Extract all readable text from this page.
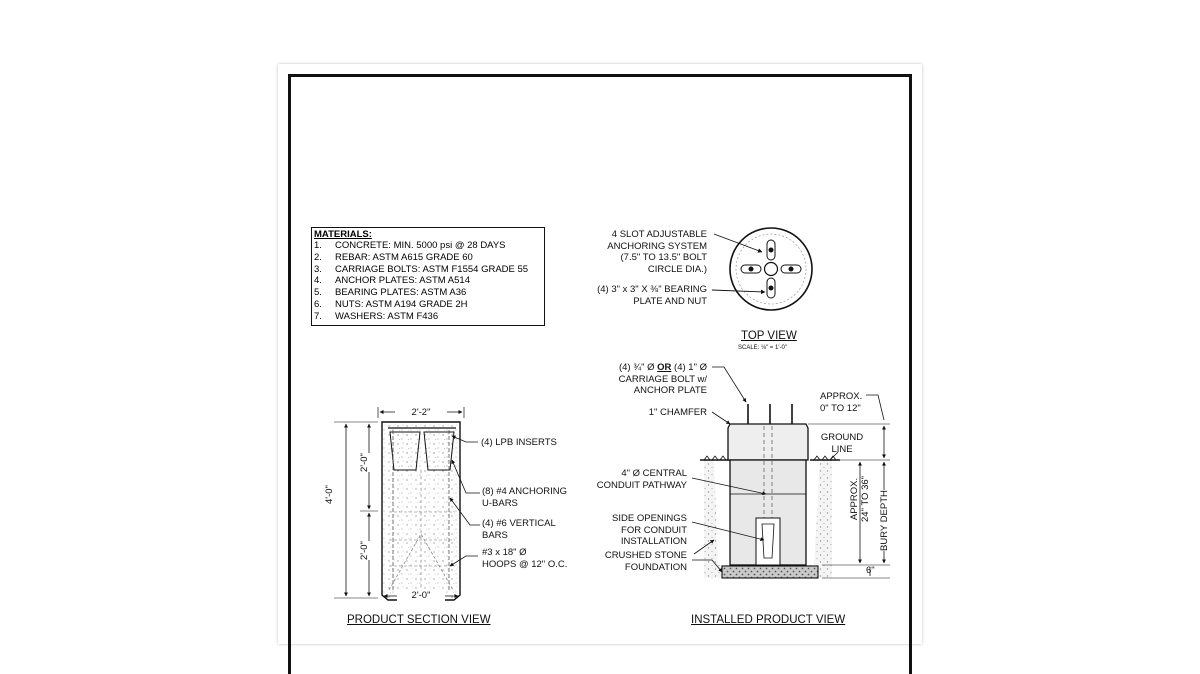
MATERIALS:
1.	CONCRETE: MIN. 5000 psi @ 28 DAYS
2.	REBAR: ASTM A615 GRADE 60
3.	CARRIAGE BOLTS: ASTM F1554 GRADE 55
4.	ANCHOR PLATES: ASTM A514
5.	BEARING PLATES: ASTM A36
6.	NUTS: ASTM A194 GRADE 2H
7.	WASHERS: ASTM F436
4 SLOT ADJUSTABLE
ANCHORING SYSTEM
(7.5" TO 13.5" BOLT
CIRCLE DIA.)
(4) 3" x 3" X ⅜" BEARING
PLATE AND NUT
TOP VIEW
SCALE: ⅛" = 1'-0"
2'-2"
2'-0"
4'-0"
2'-0"
2'-0"
(4) LPB INSERTS
(8) #4 ANCHORING
U-BARS
(4) #6 VERTICAL
BARS
#3 x 18" Ø
HOOPS @ 12" O.C.
PRODUCT SECTION VIEW
(4) ¾" Ø OR (4) 1" Ø
CARRIAGE BOLT w/
ANCHOR PLATE
1" CHAMFER
4" Ø CENTRAL
CONDUIT PATHWAY
SIDE OPENINGS
FOR CONDUIT
INSTALLATION
CRUSHED STONE
FOUNDATION
APPROX.
0" TO 12"
GROUND
LINE
APPROX. 24" TO 36" BURY DEPTH
6"
INSTALLED PRODUCT VIEW
